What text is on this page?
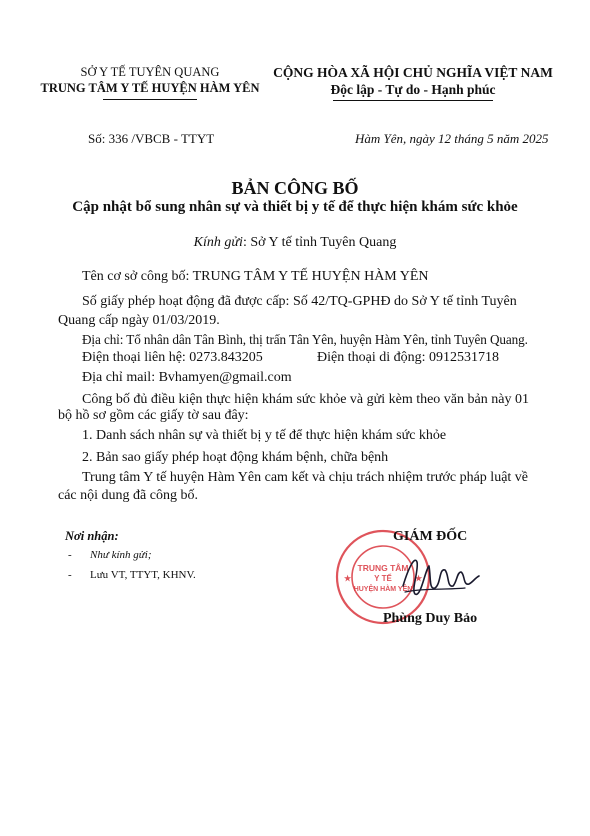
SỞ Y TẾ TUYÊN QUANG
TRUNG TÂM Y TẾ HUYỆN HÀM YÊN
CỘNG HÒA XÃ HỘI CHỦ NGHĨA VIỆT NAM
Độc lập - Tự do - Hạnh phúc
Số: 336 /VBCB - TTYT	Hàm Yên, ngày 12 tháng 5 năm 2025
BẢN CÔNG BỐ
Cập nhật bổ sung nhân sự và thiết bị y tế để thực hiện khám sức khỏe
Kính gửi: Sở Y tế tỉnh Tuyên Quang
Tên cơ sở công bố: TRUNG TÂM Y TẾ HUYỆN HÀM YÊN
Số giấy phép hoạt động đã được cấp: Số 42/TQ-GPHĐ do Sở Y tế tỉnh Tuyên
Quang cấp ngày 01/03/2019.
Địa chỉ: Tổ nhân dân Tân Bình, thị trấn Tân Yên, huyện Hàm Yên, tỉnh Tuyên Quang.
Điện thoại liên hệ: 0273.843205	Điện thoại di động: 0912531718
Địa chỉ mail: Bvhamyen@gmail.com
Công bố đủ điều kiện thực hiện khám sức khỏe và gửi kèm theo văn bản này 01
bộ hồ sơ gồm các giấy tờ sau đây:
1. Danh sách nhân sự và thiết bị y tế để thực hiện khám sức khỏe
2. Bản sao giấy phép hoạt động khám bệnh, chữa bệnh
Trung tâm Y tế huyện Hàm Yên cam kết và chịu trách nhiệm trước pháp luật về
các nội dung đã công bố.
Nơi nhận:
- Như kính gửi;
- Lưu VT, TTYT, KHNV.	★	★
TRUNG TÂM
Y TẾ
HUYỆN HÀM YÊN
GIÁM ĐỐC
Phùng Duy Bảo
